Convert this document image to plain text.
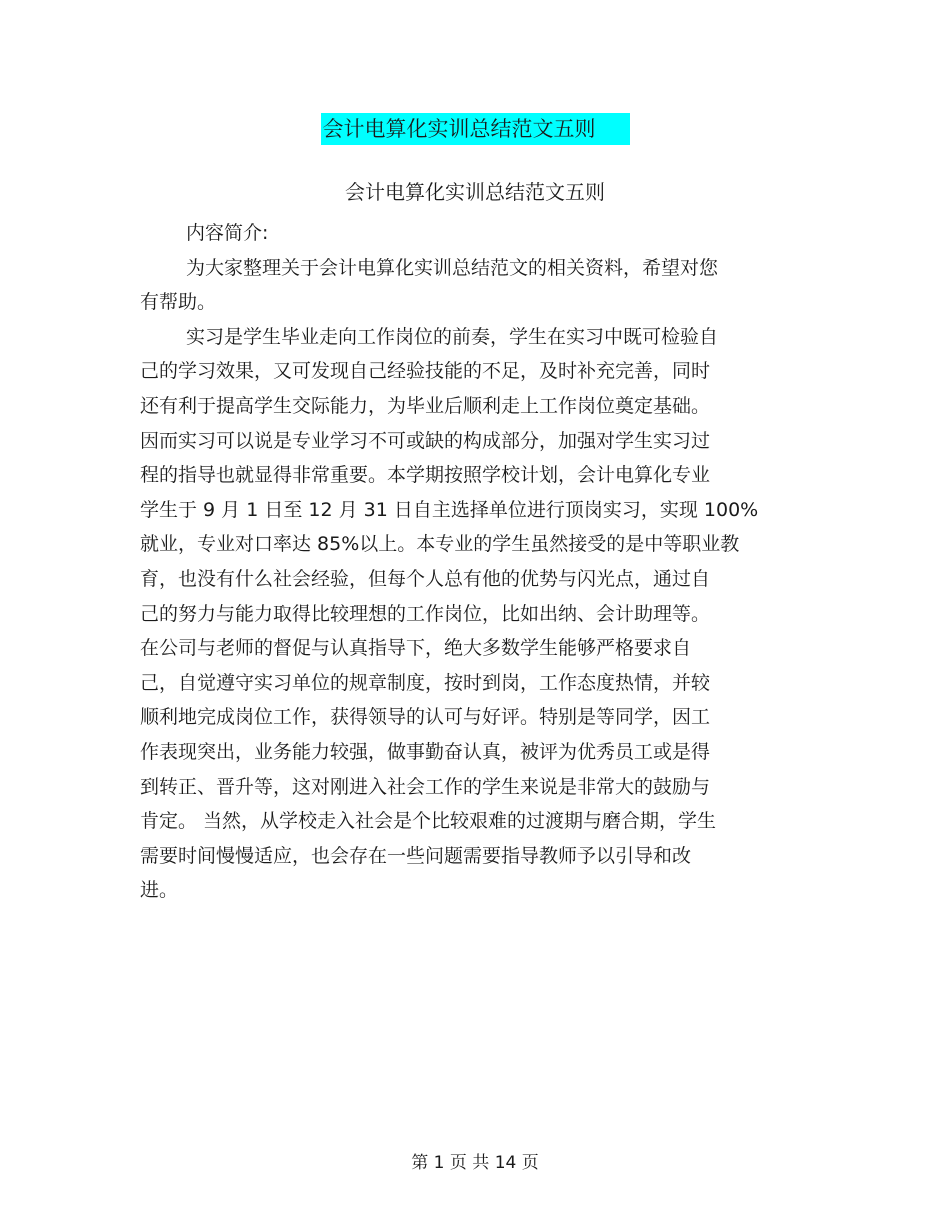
会计电算化实训总结范文五则
会计电算化实训总结范文五则
内容简介:
为大家整理关于会计电算化实训总结范文的相关资料，希望对您
有帮助。
实习是学生毕业走向工作岗位的前奏，学生在实习中既可检验自
己的学习效果，又可发现自己经验技能的不足，及时补充完善，同时
还有利于提高学生交际能力，为毕业后顺利走上工作岗位奠定基础。
因而实习可以说是专业学习不可或缺的构成部分，加强对学生实习过
程的指导也就显得非常重要。本学期按照学校计划，会计电算化专业
学生于 9 月 1 日至 12 月 31 日自主选择单位进行顶岗实习，实现 100%
就业，专业对口率达 85%以上。本专业的学生虽然接受的是中等职业教
育，也没有什么社会经验，但每个人总有他的优势与闪光点，通过自
己的努力与能力取得比较理想的工作岗位，比如出纳、会计助理等。
在公司与老师的督促与认真指导下，绝大多数学生能够严格要求自
己，自觉遵守实习单位的规章制度，按时到岗，工作态度热情，并较
顺利地完成岗位工作，获得领导的认可与好评。特别是等同学，因工
作表现突出，业务能力较强，做事勤奋认真，被评为优秀员工或是得
到转正、晋升等，这对刚进入社会工作的学生来说是非常大的鼓励与
肯定。 当然，从学校走入社会是个比较艰难的过渡期与磨合期，学生
需要时间慢慢适应，也会存在一些问题需要指导教师予以引导和改
进。
第 1 页 共 14 页
